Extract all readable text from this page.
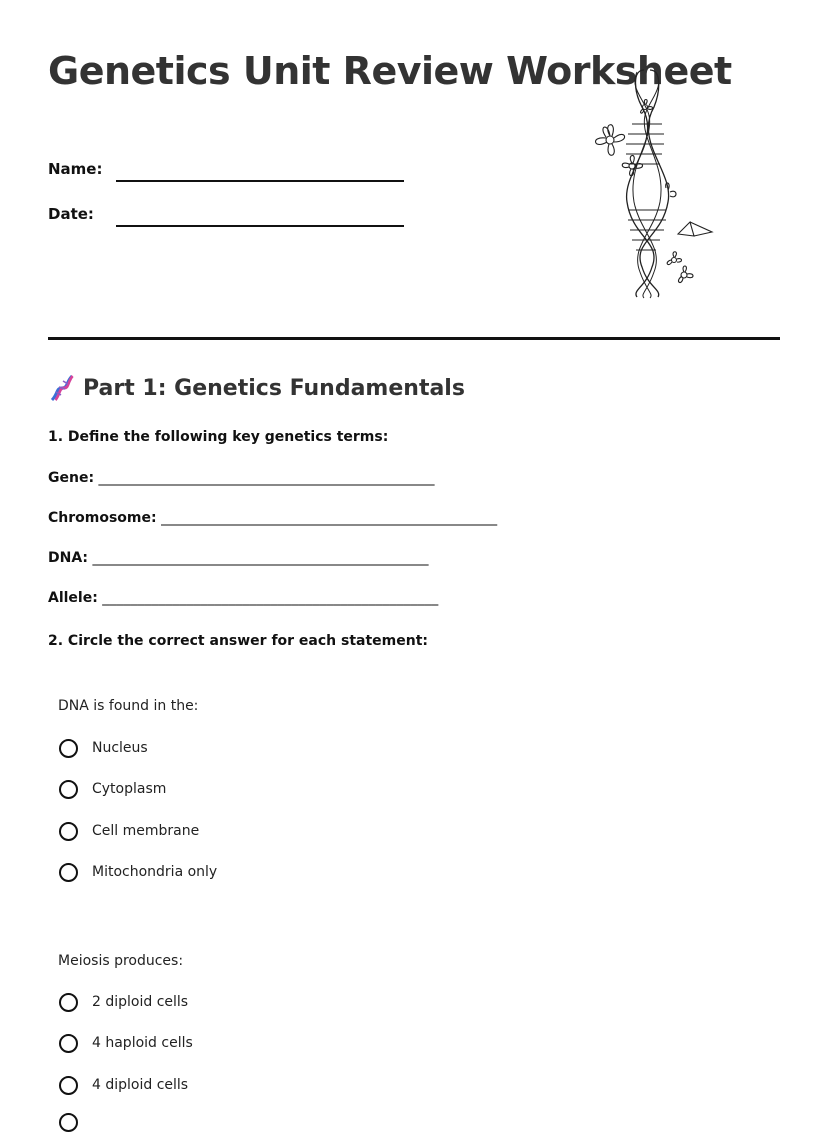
Genetics Unit Review Worksheet
Name:
Date:
Part 1: Genetics Fundamentals
1. Define the following key genetics terms:
Gene: ________________________________________________
Chromosome: ________________________________________________
DNA: ________________________________________________
Allele: ________________________________________________
2. Circle the correct answer for each statement:
DNA is found in the:
Nucleus
Cytoplasm
Cell membrane
Mitochondria only
Meiosis produces:
2 diploid cells
4 haploid cells
4 diploid cells
